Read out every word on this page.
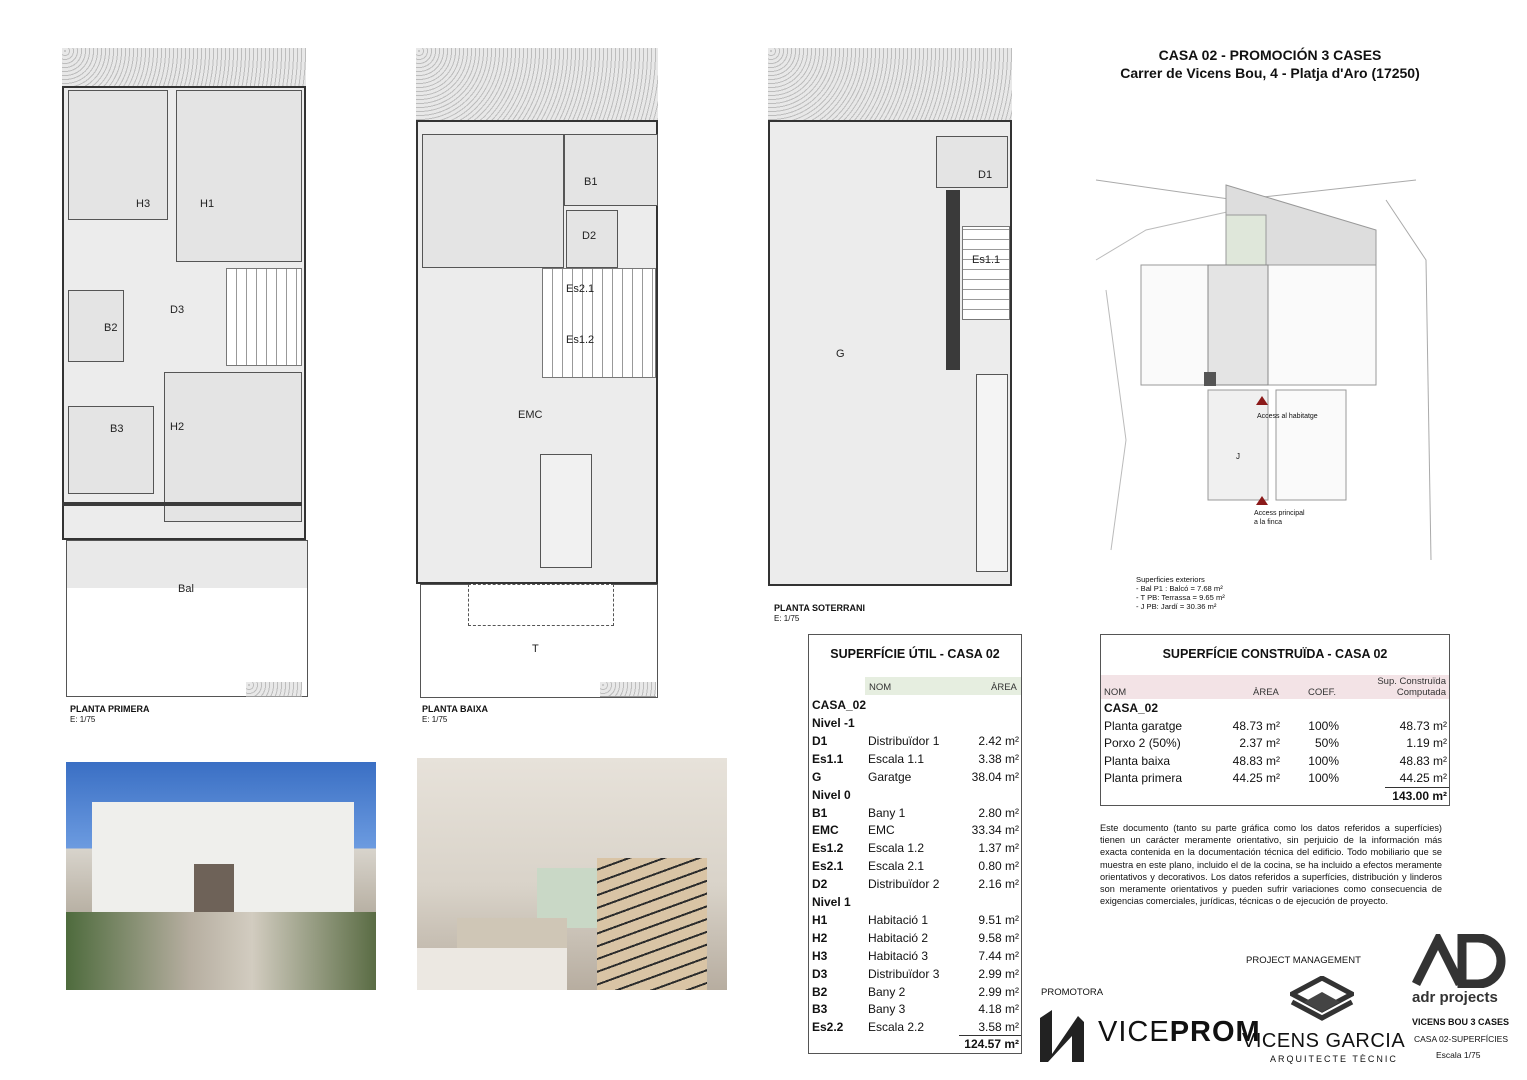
CASA 02 - PROMOCIÓN 3 CASES
Carrer de Vicens Bou, 4 - Platja d'Aro (17250)
H3	H1
B2
D3
B3	H2
Bal
PLANTA PRIMERA
E: 1/75
B1
D2
Es2.1
Es1.2
EMC
T
PLANTA BAIXA
E: 1/75
D1
Es1.1
G
PLANTA SOTERRANI
E: 1/75
Access al habitatge
J
Access principal
a la finca
Superficies exteriors
- Bal P1 : Balcó = 7.68 m²
- T PB: Terrassa = 9.65 m²
- J PB: Jardí = 30.36 m²
SUPERFÍCIE ÚTIL - CASA 02
NOM	ÀREA
CASA_02
Nivel -1
D1	Distribuïdor 1	2.42 m²
Es1.1 Escala 1.1	3.38 m²
G	Garatge	38.04 m²
Nivel 0
B1	Bany 1	2.80 m²
EMC EMC	33.34 m²
Es1.2 Escala 1.2	1.37 m²
Es2.1 Escala 2.1	0.80 m²
D2	Distribuïdor 2	2.16 m²
Nivel 1
H1	Habitació 1	9.51 m²
H2	Habitació 2	9.58 m²
H3	Habitació 3	7.44 m²
D3	Distribuïdor 3	2.99 m²
B2	Bany 2	2.99 m²
B3	Bany 3	4.18 m²
Es2.2 Escala 2.2	3.58 m²
124.57 m²
SUPERFÍCIE CONSTRUÏDA - CASA 02
NOM	ÀREA	COEF.
Sup. Construïda
Computada
CASA_02
Planta garatge	48.73 m² 100%	48.73 m²
Porxo 2 (50%)	2.37 m²	50%	1.19 m²
Planta baixa	48.83 m² 100%	48.83 m²
Planta primera	44.25 m² 100%	44.25 m²
143.00 m²
Este documento (tanto su parte gráfica como los datos referidos a superfícies) tienen un carácter meramente orientativo, sin perjuicio de la información más exacta contenida en la documentación técnica del edificio. Todo mobiliario que se muestra en este plano, incluido el de la cocina, se ha incluido a efectos meramente orientativos y decorativos. Los datos referidos a superfícies, distribución y linderos son meramente orientativos y pueden sufrir variaciones como consecuencia de exigencias comerciales, jurídicas, técnicas o de ejecución de proyecto.
PROJECT MANAGEMENT
PROMOTORA
VICEPROM
VICENS GARCIA
ARQUITECTE TÈCNIC
adr projects
VICENS BOU 3 CASES
CASA 02-SUPERFÍCIES
Escala 1/75
